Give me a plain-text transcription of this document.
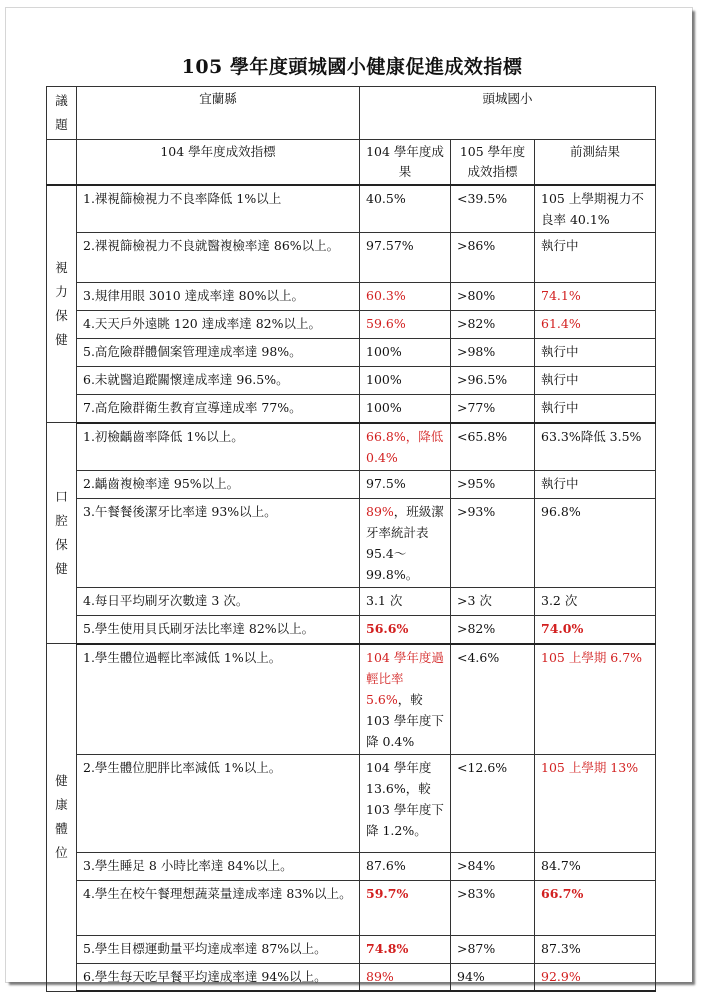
105 學年度頭城國小健康促進成效指標
議題	宜蘭縣	頭城國小		
	104 學年度成效指標	104 學年度成果	105 學年度成效指標	前測結果
視力保健	1.裸視篩檢視力不良率降低 1%以上	40.5%	<39.5%	105 上學期視力不良率 40.1%
	2.裸視篩檢視力不良就醫複檢率達 86%以上。	97.57%	>86%	執行中
	3.規律用眼 3010 達成率達 80%以上。	60.3%	>80%	74.1%
	4.天天戶外遠眺 120 達成率達 82%以上。	59.6%	>82%	61.4%
	5.高危險群體個案管理達成率達 98%。	100%	>98%	執行中
	6.未就醫追蹤關懷達成率達 96.5%。	100%	>96.5%	執行中
	7.高危險群衛生教育宣導達成率 77%。	100%	>77%	執行中
口腔保健	1.初檢齲齒率降低 1%以上。	66.8%，降低 0.4%	<65.8%	63.3%降低 3.5%
	2.齲齒複檢率達 95%以上。	97.5%	>95%	執行中
	3.午餐餐後潔牙比率達 93%以上。	89%，班級潔牙率統計表 95.4～99.8%。	>93%	96.8%
	4.每日平均刷牙次數達 3 次。	3.1 次	>3 次	3.2 次
	5.學生使用貝氏刷牙法比率達 82%以上。	56.6%	>82%	74.0%
健康體位	1.學生體位過輕比率減低 1%以上。	104 學年度過輕比率 5.6%，較 103 學年度下降 0.4%	<4.6%	105 上學期 6.7%
	2.學生體位肥胖比率減低 1%以上。	104 學年度 13.6%，較 103 學年度下降 1.2%。	<12.6%	105 上學期 13%
	3.學生睡足 8 小時比率達 84%以上。	87.6%	>84%	84.7%
	4.學生在校午餐理想蔬菜量達成率達 83%以上。	59.7%	>83%	66.7%
	5.學生目標運動量平均達成率達 87%以上。	74.8%	>87%	87.3%
	6.學生每天吃早餐平均達成率達 94%以上。	89%	94%	92.9%
